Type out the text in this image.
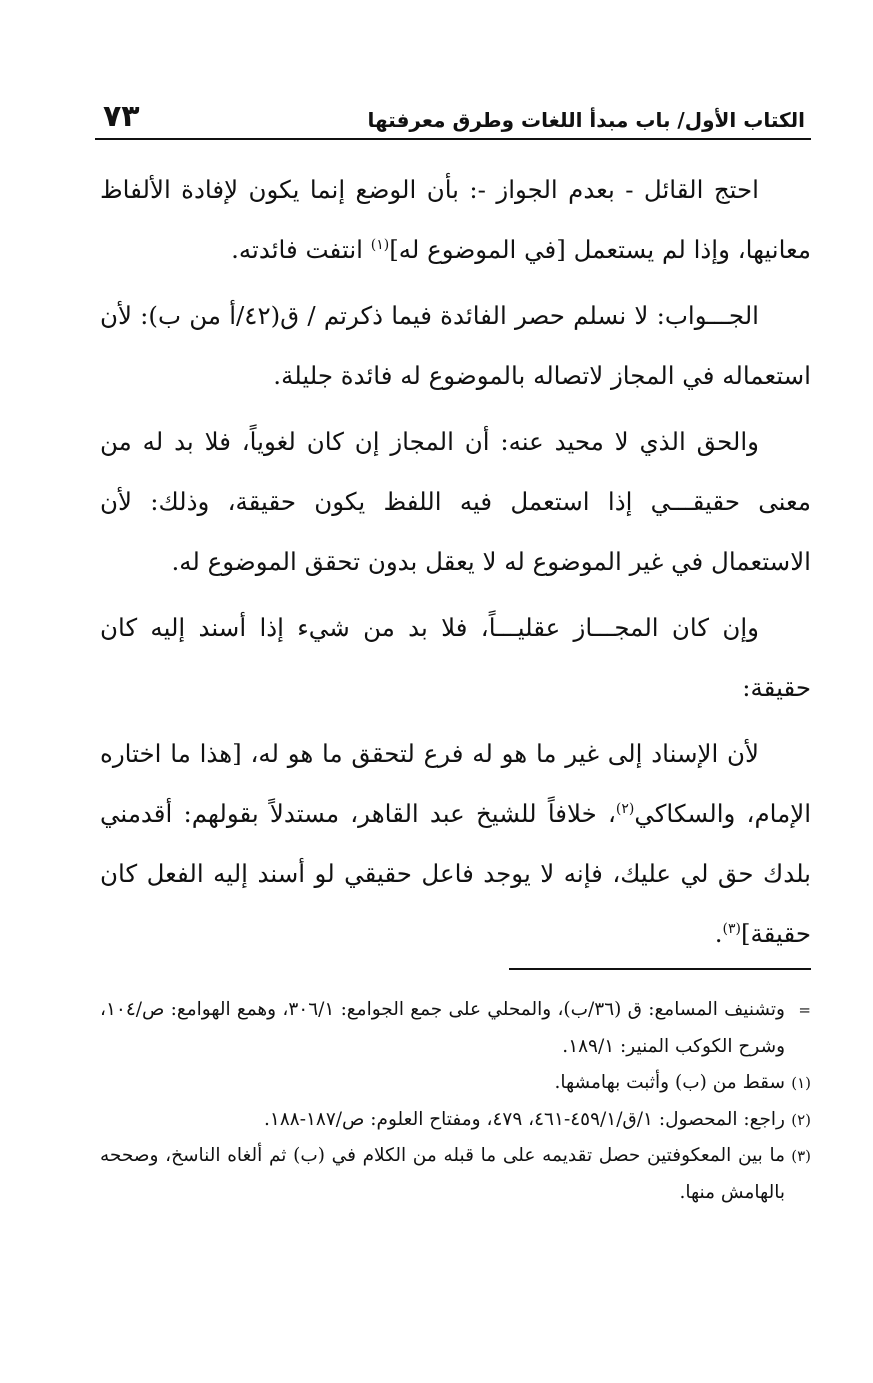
الكتاب الأول/ باب مبدأ اللغات وطرق معرفتها
٧٣

احتج القائل - بعدم الجواز -: بأن الوضع إنما يكون لإفادة الألفاظ معانيها، وإذا لم يستعمل [في الموضوع له]$^{(١)}$ انتفت فائدته.

الجـــواب: لا نسلم حصر الفائدة فيما ذكرتم / ق(٤٢/أ من ب): لأن استعماله في المجاز لاتصاله بالموضوع له فائدة جليلة.

والحق الذي لا محيد عنه: أن المجاز إن كان لغوياً، فلا بد له من معنى حقيقـــي إذا استعمل فيه اللفظ يكون حقيقة، وذلك: لأن الاستعمال في غير الموضوع له لا يعقل بدون تحقق الموضوع له.

وإن كان المجـــاز عقليـــاً، فلا بد من شيء إذا أسند إليه كان حقيقة:

لأن الإسناد إلى غير ما هو له فرع لتحقق ما هو له، [هذا ما اختاره الإمام، والسكاكي$^{(٢)}$، خلافاً للشيخ عبد القاهر، مستدلاً بقولهم: أقدمني بلدك حق لي عليك، فإنه لا يوجد فاعل حقيقي لو أسند إليه الفعل كان حقيقة]$^{(٣)}$.

=
وتشنيف المسامع: ق (٣٦/ب)، والمحلي على جمع الجوامع: ٣٠٦/١، وهمع الهوامع: ص/١٠٤، وشرح الكوكب المنير: ١٨٩/١.

(١)
سقط من (ب) وأثبت بهامشها.

(٢)
راجع: المحصول: ١/ق/٤٥٩/١-٤٦١، ٤٧٩، ومفتاح العلوم: ص/١٨٧-١٨٨.

(٣)
ما بين المعكوفتين حصل تقديمه على ما قبله من الكلام في (ب) ثم ألغاه الناسخ، وصححه بالهامش منها.
